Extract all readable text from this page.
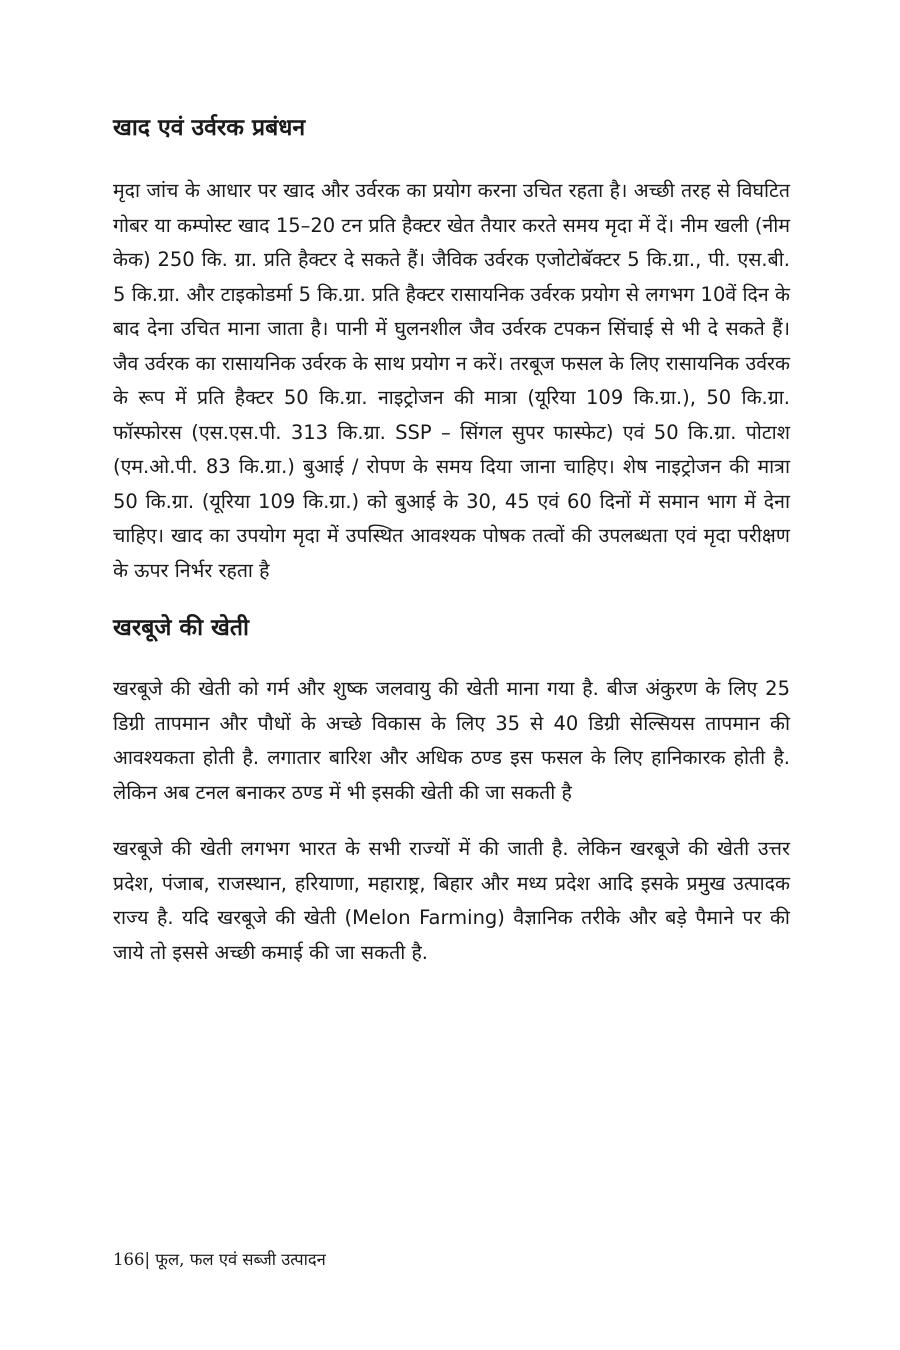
खाद एवं उर्वरक प्रबंधन

मृदा जांच के आधार पर खाद और उर्वरक का प्रयोग करना उचित रहता है। अच्छी तरह से विघटित गोबर या कम्पोस्ट खाद 15–20 टन प्रति हैक्टर खेत तैयार करते समय मृदा में दें। नीम खली (नीम केक) 250 कि. ग्रा. प्रति हैक्टर दे सकते हैं। जैविक उर्वरक एजोटोबॅक्टर 5 कि.ग्रा., पी. एस.बी. 5 कि.ग्रा. और टाइकोडर्मा 5 कि.ग्रा. प्रति हैक्टर रासायनिक उर्वरक प्रयोग से लगभग 10वें दिन के बाद देना उचित माना जाता है। पानी में घुलनशील जैव उर्वरक टपकन सिंचाई से भी दे सकते हैं। जैव उर्वरक का रासायनिक उर्वरक के साथ प्रयोग न करें। तरबूज फसल के लिए रासायनिक उर्वरक के रूप में प्रति हैक्टर 50 कि.ग्रा. नाइट्रोजन की मात्रा (यूरिया 109 कि.ग्रा.), 50 कि.ग्रा. फॉस्फोरस (एस.एस.पी. 313 कि.ग्रा. SSP – सिंगल सुपर फास्फेट) एवं 50 कि.ग्रा. पोटाश (एम.ओ.पी. 83 कि.ग्रा.) बुआई / रोपण के समय दिया जाना चाहिए। शेष नाइट्रोजन की मात्रा 50 कि.ग्रा. (यूरिया 109 कि.ग्रा.) को बुआई के 30, 45 एवं 60 दिनों में समान भाग में देना चाहिए। खाद का उपयोग मृदा में उपस्थित आवश्यक पोषक तत्वों की उपलब्धता एवं मृदा परीक्षण के ऊपर निर्भर रहता है

खरबूजे की खेती

खरबूजे की खेती को गर्म और शुष्क जलवायु की खेती माना गया है. बीज अंकुरण के लिए 25 डिग्री तापमान और पौधों के अच्छे विकास के लिए 35 से 40 डिग्री सेल्सियस तापमान की आवश्यकता होती है. लगातार बारिश और अधिक ठण्ड इस फसल के लिए हानिकारक होती है. लेकिन अब टनल बनाकर ठण्ड में भी इसकी खेती की जा सकती है

खरबूजे की खेती लगभग भारत के सभी राज्यों में की जाती है. लेकिन खरबूजे की खेती उत्तर प्रदेश, पंजाब, राजस्थान, हरियाणा, महाराष्ट्र, बिहार और मध्य प्रदेश आदि इसके प्रमुख उत्पादक राज्य है. यदि खरबूजे की खेती (Melon Farming) वैज्ञानिक तरीके और बड़े पैमाने पर की जाये तो इससे अच्छी कमाई की जा सकती है.

166| फूल, फल एवं सब्जी उत्पादन
